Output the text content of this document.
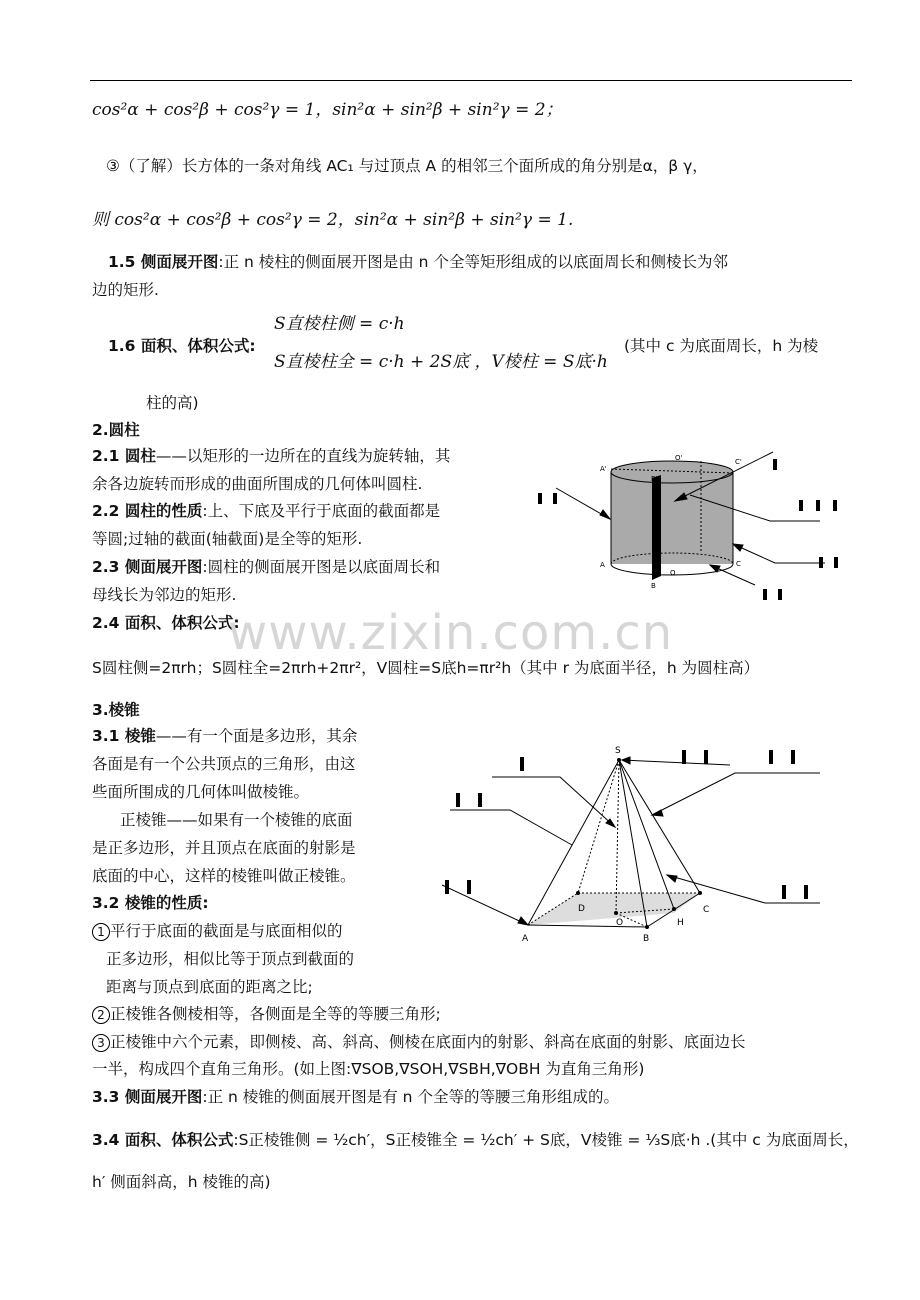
cos²α + cos²β + cos²γ = 1，sin²α + sin²β + sin²γ = 2；
③（了解）长方体的一条对角线 AC₁ 与过顶点 A 的相邻三个面所成的角分别是α，β γ，
则 cos²α + cos²β + cos²γ = 2，sin²α + sin²β + sin²γ = 1.
1.5 侧面展开图:正 n 棱柱的侧面展开图是由 n 个全等矩形组成的以底面周长和侧棱长为邻
边的矩形.
1.6 面积、体积公式:
S直棱柱侧 = c·h
S直棱柱全 = c·h + 2S底 ，V棱柱 = S底·h
(其中 c 为底面周长，h 为棱
柱的高)
2.圆柱
2.1 圆柱——以矩形的一边所在的直线为旋转轴，其
余各边旋转而形成的曲面所围成的几何体叫圆柱.
2.2 圆柱的性质:上、下底及平行于底面的截面都是
等圆;过轴的截面(轴截面)是全等的矩形.
2.3 侧面展开图:圆柱的侧面展开图是以底面周长和
母线长为邻边的矩形.
2.4 面积、体积公式:
A'
O'	C'
B'
A
O
C
B
www.zixin.com.cn
S圆柱侧=2πrh；S圆柱全=2πrh+2πr²，V圆柱=S底h=πr²h（其中 r 为底面半径，h 为圆柱高）
3.棱锥
3.1 棱锥——有一个面是多边形，其余
各面是有一个公共顶点的三角形，由这
些面所围成的几何体叫做棱锥。
正棱锥——如果有一个棱锥的底面
是正多边形，并且顶点在底面的射影是
底面的中心，这样的棱锥叫做正棱锥。
3.2 棱锥的性质:
1 平行于底面的截面是与底面相似的
正多边形，相似比等于顶点到截面的
距离与顶点到底面的距离之比;
2 正棱锥各侧棱相等，各侧面是全等的等腰三角形;
3 正棱锥中六个元素，即侧棱、高、斜高、侧棱在底面内的射影、斜高在底面的射影、底面边长
一半，构成四个直角三角形。(如上图:∇SOB,∇SOH,∇SBH,∇OBH 为直角三角形)
3.3 侧面展开图:正 n 棱锥的侧面展开图是有 n 个全等的等腰三角形组成的。
3.4 面积、体积公式:S正棱锥侧 = ½ch′，S正棱锥全 = ½ch′ + S底，V棱锥 = ⅓S底·h .(其中 c 为底面周长，
h′ 侧面斜高，h 棱锥的高)
S
D	C
A
O	H
B
